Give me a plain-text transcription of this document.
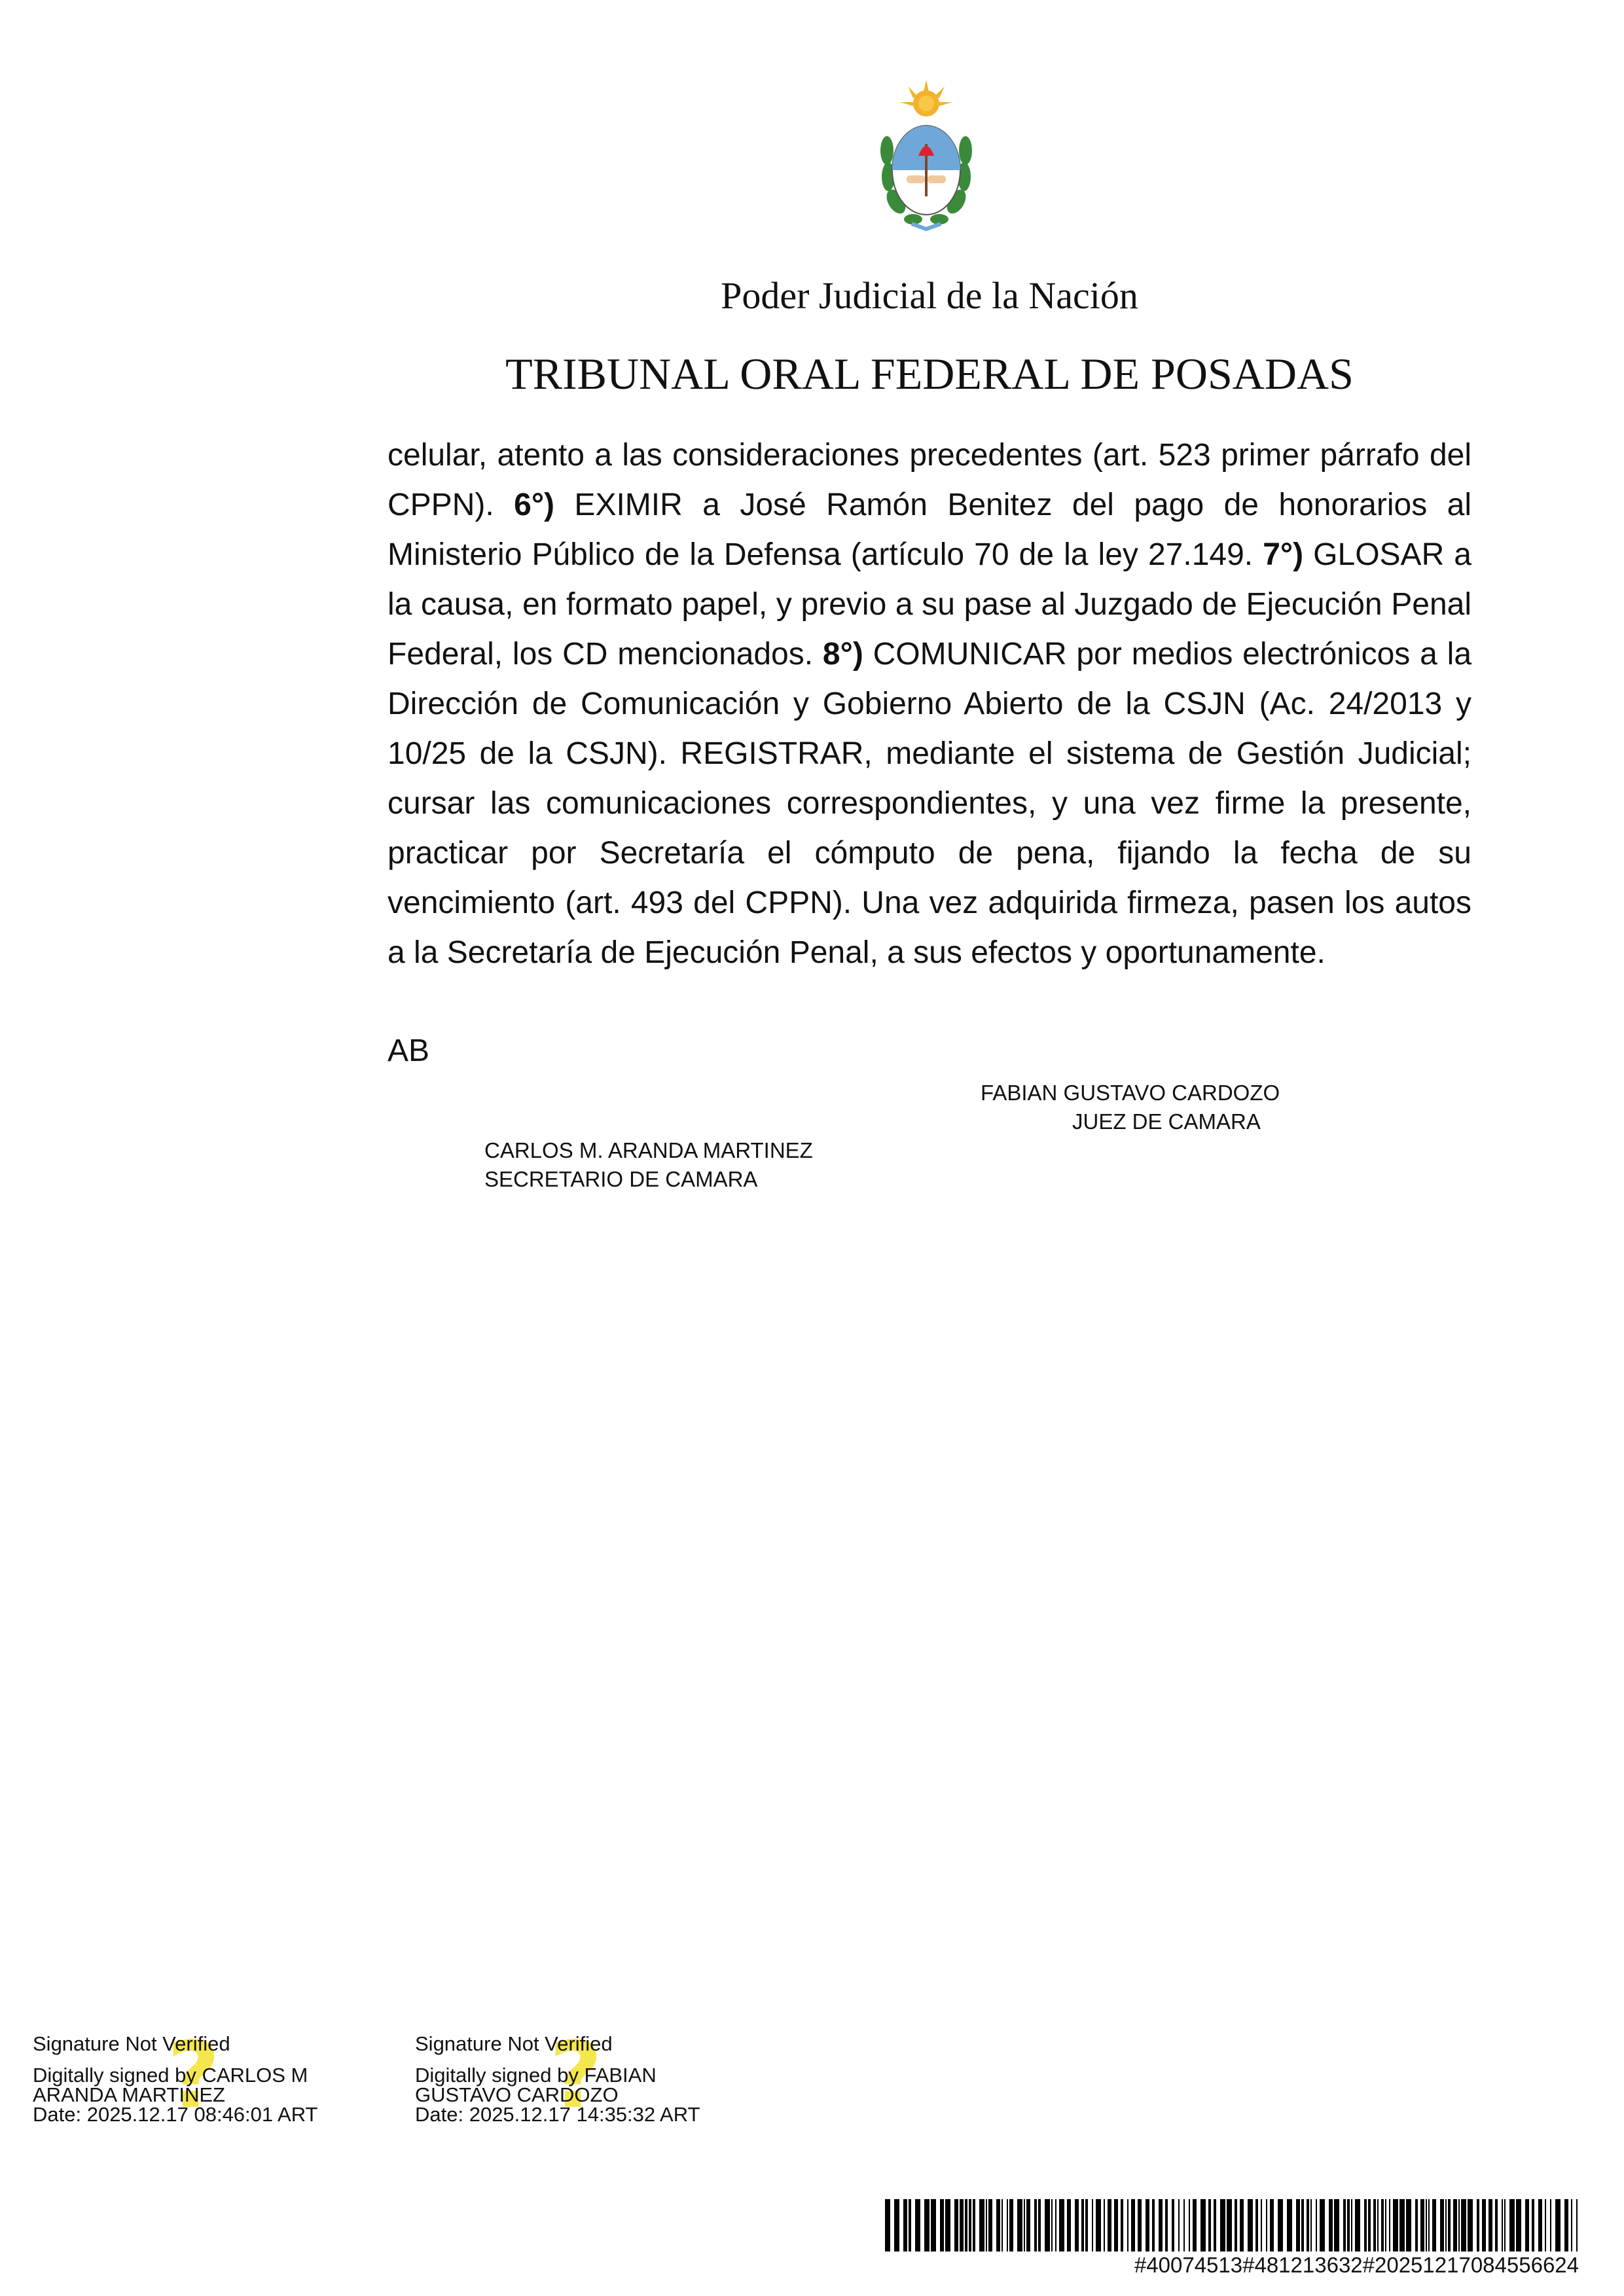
Poder Judicial de la Nación
TRIBUNAL ORAL FEDERAL DE POSADAS
celular, atento a las consideraciones precedentes (art. 523 primer párrafo del CPPN). 6°) EXIMIR a José Ramón Benitez del pago de honorarios al Ministerio Público de la Defensa (artículo 70 de la ley 27.149. 7°) GLOSAR a la causa, en formato papel, y previo a su pase al Juzgado de Ejecución Penal Federal, los CD mencionados. 8°) COMUNICAR por medios electrónicos a la Dirección de Comunicación y Gobierno Abierto de la CSJN (Ac. 24/2013 y 10/25 de la CSJN). REGISTRAR, mediante el sistema de Gestión Judicial; cursar las comunicaciones correspondientes, y una vez firme la presente, practicar por Secretaría el cómputo de pena, fijando la fecha de su vencimiento (art. 493 del CPPN). Una vez adquirida firmeza, pasen los autos a la Secretaría de Ejecución Penal, a sus efectos y oportunamente.
AB
FABIAN GUSTAVO CARDOZO
JUEZ DE CAMARA
CARLOS M. ARANDA MARTINEZ
SECRETARIO DE CAMARA
?
Signature Not Verified
Digitally signed by CARLOS M
ARANDA MARTINEZ
Date: 2025.12.17 08:46:01 ART	?
Signature Not Verified
Digitally signed by FABIAN
GUSTAVO CARDOZO
Date: 2025.12.17 14:35:32 ART
#40074513#481213632#20251217084556624
